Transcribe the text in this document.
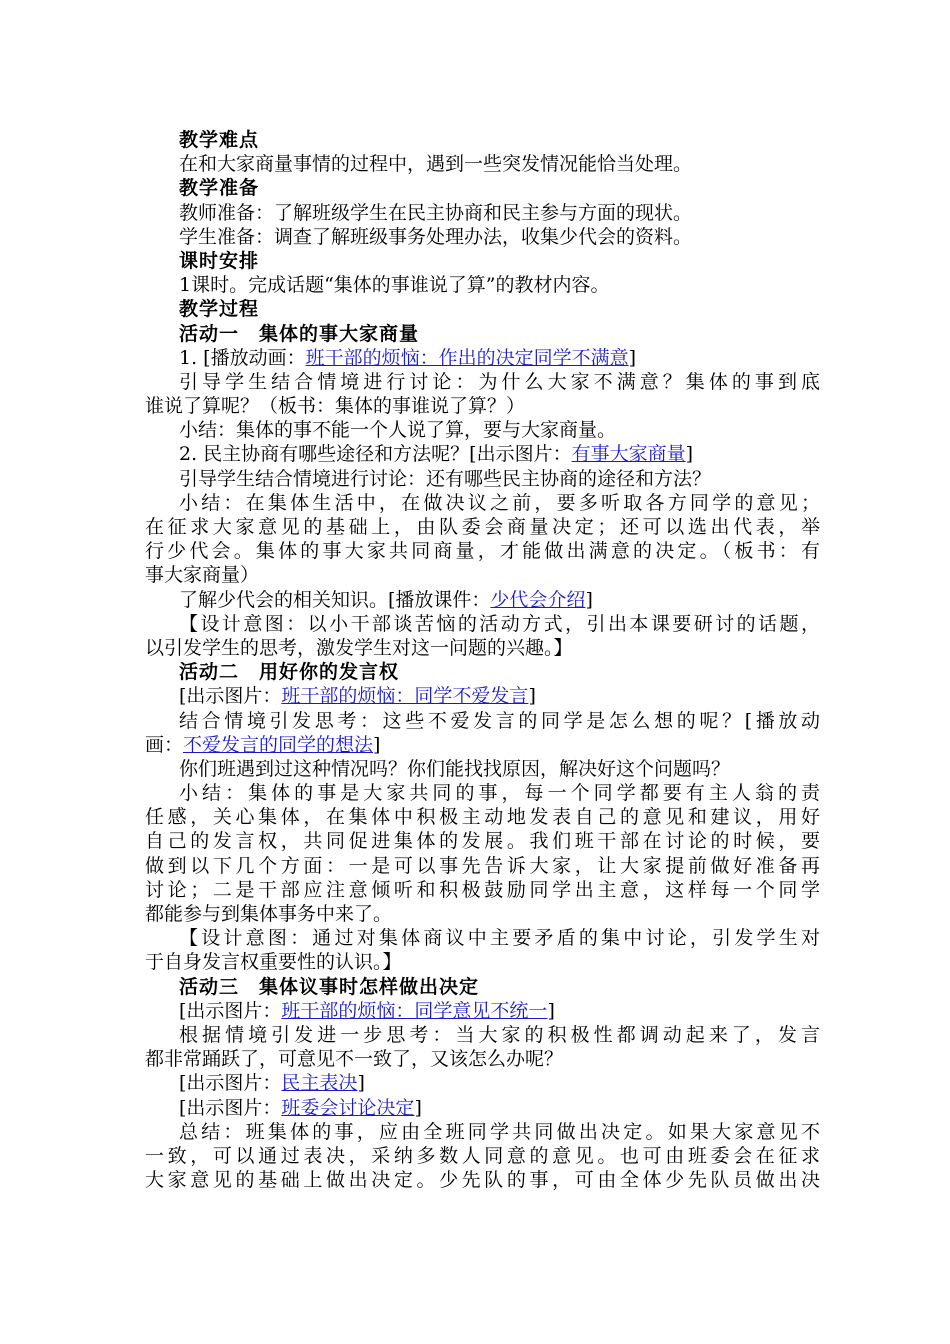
教学难点
在和大家商量事情的过程中，遇到一些突发情况能恰当处理。
教学准备
教师准备：了解班级学生在民主协商和民主参与方面的现状。
学生准备：调查了解班级事务处理办法，收集少代会的资料。
课时安排
1课时。完成话题“集体的事谁说了算”的教材内容。
教学过程
活动一　集体的事大家商量
1. [播放动画：班干部的烦恼：作出的决定同学不满意]
引导学生结合情境进行讨论：为什么大家不满意？集体的事到底
谁说了算呢？（板书：集体的事谁说了算？）
小结：集体的事不能一个人说了算，要与大家商量。
2. 民主协商有哪些途径和方法呢？[出示图片：有事大家商量]
引导学生结合情境进行讨论：还有哪些民主协商的途径和方法？
小结：在集体生活中，在做决议之前，要多听取各方同学的意见；
在征求大家意见的基础上，由队委会商量决定；还可以选出代表，举
行少代会。集体的事大家共同商量，才能做出满意的决定。（板书：有
事大家商量）
了解少代会的相关知识。[播放课件：少代会介绍]
【设计意图：以小干部谈苦恼的活动方式，引出本课要研讨的话题，
以引发学生的思考，激发学生对这一问题的兴趣。】
活动二　用好你的发言权
[出示图片：班干部的烦恼：同学不爱发言]
结合情境引发思考：这些不爱发言的同学是怎么想的呢？[播放动
画：不爱发言的同学的想法]
你们班遇到过这种情况吗？你们能找找原因，解决好这个问题吗？
小结：集体的事是大家共同的事，每一个同学都要有主人翁的责
任感，关心集体，在集体中积极主动地发表自己的意见和建议，用好
自己的发言权，共同促进集体的发展。我们班干部在讨论的时候，要
做到以下几个方面：一是可以事先告诉大家，让大家提前做好准备再
讨论；二是干部应注意倾听和积极鼓励同学出主意，这样每一个同学
都能参与到集体事务中来了。
【设计意图：通过对集体商议中主要矛盾的集中讨论，引发学生对
于自身发言权重要性的认识。】
活动三　集体议事时怎样做出决定
[出示图片：班干部的烦恼：同学意见不统一]
根据情境引发进一步思考：当大家的积极性都调动起来了，发言
都非常踊跃了，可意见不一致了，又该怎么办呢？
[出示图片：民主表决]
[出示图片：班委会讨论决定]
总结：班集体的事，应由全班同学共同做出决定。如果大家意见不
一致，可以通过表决，采纳多数人同意的意见。也可由班委会在征求
大家意见的基础上做出决定。少先队的事，可由全体少先队员做出决
